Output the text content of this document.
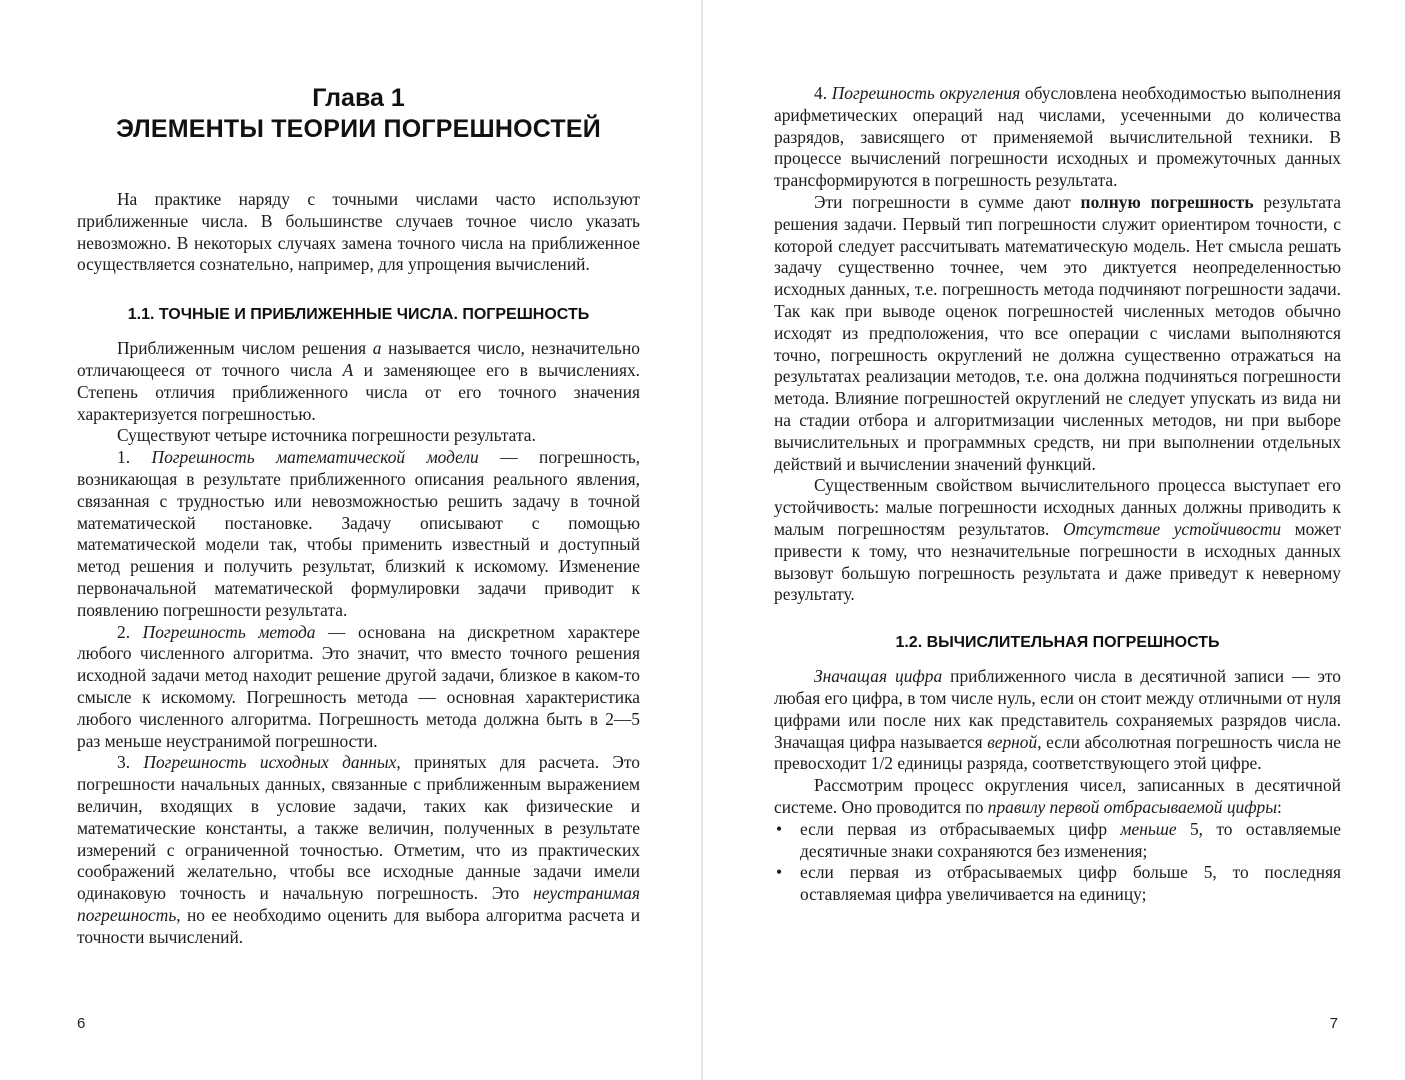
Глава 1
ЭЛЕМЕНТЫ ТЕОРИИ ПОГРЕШНОСТЕЙ

На практике наряду с точными числами часто используют приближенные числа. В большинстве случаев точное число указать невозможно. В некоторых случаях замена точного числа на приближенное осуществляется сознательно, например, для упрощения вычислений.

1.1. ТОЧНЫЕ И ПРИБЛИЖЕННЫЕ ЧИСЛА. ПОГРЕШНОСТЬ

Приближенным числом решения a называется число, незначительно отличающееся от точного числа A и заменяющее его в вычислениях. Степень отличия приближенного числа от его точного значения характеризуется погрешностью.

Существуют четыре источника погрешности результата.

1. Погрешность математической модели — погрешность, возникающая в результате приближенного описания реального явления, связанная с трудностью или невозможностью решить задачу в точной математической постановке. Задачу описывают с помощью математической модели так, чтобы применить известный и доступный метод решения и получить результат, близкий к искомому. Изменение первоначальной математической формулировки задачи приводит к появлению погрешности результата.

2. Погрешность метода — основана на дискретном характере любого численного алгоритма. Это значит, что вместо точного решения исходной задачи метод находит решение другой задачи, близкое в каком-то смысле к искомому. Погрешность метода — основная характеристика любого численного алгоритма. Погрешность метода должна быть в 2—5 раз меньше неустранимой погрешности.

3. Погрешность исходных данных, принятых для расчета. Это погрешности начальных данных, связанные с приближенным выражением величин, входящих в условие задачи, таких как физические и математические константы, а также величин, полученных в результате измерений с ограниченной точностью. Отметим, что из практических соображений желательно, чтобы все исходные данные задачи имели одинаковую точность и начальную погрешность. Это неустранимая погрешность, но ее необходимо оценить для выбора алгоритма расчета и точности вычислений.

6

4. Погрешность округления обусловлена необходимостью выполнения арифметических операций над числами, усеченными до количества разрядов, зависящего от применяемой вычислительной техники. В процессе вычислений погрешности исходных и промежуточных данных трансформируются в погрешность результата.

Эти погрешности в сумме дают полную погрешность результата решения задачи. Первый тип погрешности служит ориентиром точности, с которой следует рассчитывать математическую модель. Нет смысла решать задачу существенно точнее, чем это диктуется неопределенностью исходных данных, т.е. погрешность метода подчиняют погрешности задачи. Так как при выводе оценок погрешностей численных методов обычно исходят из предположения, что все операции с числами выполняются точно, погрешность округлений не должна существенно отражаться на результатах реализации методов, т.е. она должна подчиняться погрешности метода. Влияние погрешностей округлений не следует упускать из вида ни на стадии отбора и алгоритмизации численных методов, ни при выборе вычислительных и программных средств, ни при выполнении отдельных действий и вычислении значений функций.

Существенным свойством вычислительного процесса выступает его устойчивость: малые погрешности исходных данных должны приводить к малым погрешностям результатов. Отсутствие устойчивости может привести к тому, что незначительные погрешности в исходных данных вызовут большую погрешность результата и даже приведут к неверному результату.

1.2. ВЫЧИСЛИТЕЛЬНАЯ ПОГРЕШНОСТЬ

Значащая цифра приближенного числа в десятичной записи — это любая его цифра, в том числе нуль, если он стоит между отличными от нуля цифрами или после них как представитель сохраняемых разрядов числа. Значащая цифра называется верной, если абсолютная погрешность числа не превосходит 1/2 единицы разряда, соответствующего этой цифре.

Рассмотрим процесс округления чисел, записанных в десятичной системе. Оно проводится по правилу первой отбрасываемой цифры:

• если первая из отбрасываемых цифр меньше 5, то оставляемые десятичные знаки сохраняются без изменения;
• если первая из отбрасываемых цифр больше 5, то последняя оставляемая цифра увеличивается на единицу;
7
